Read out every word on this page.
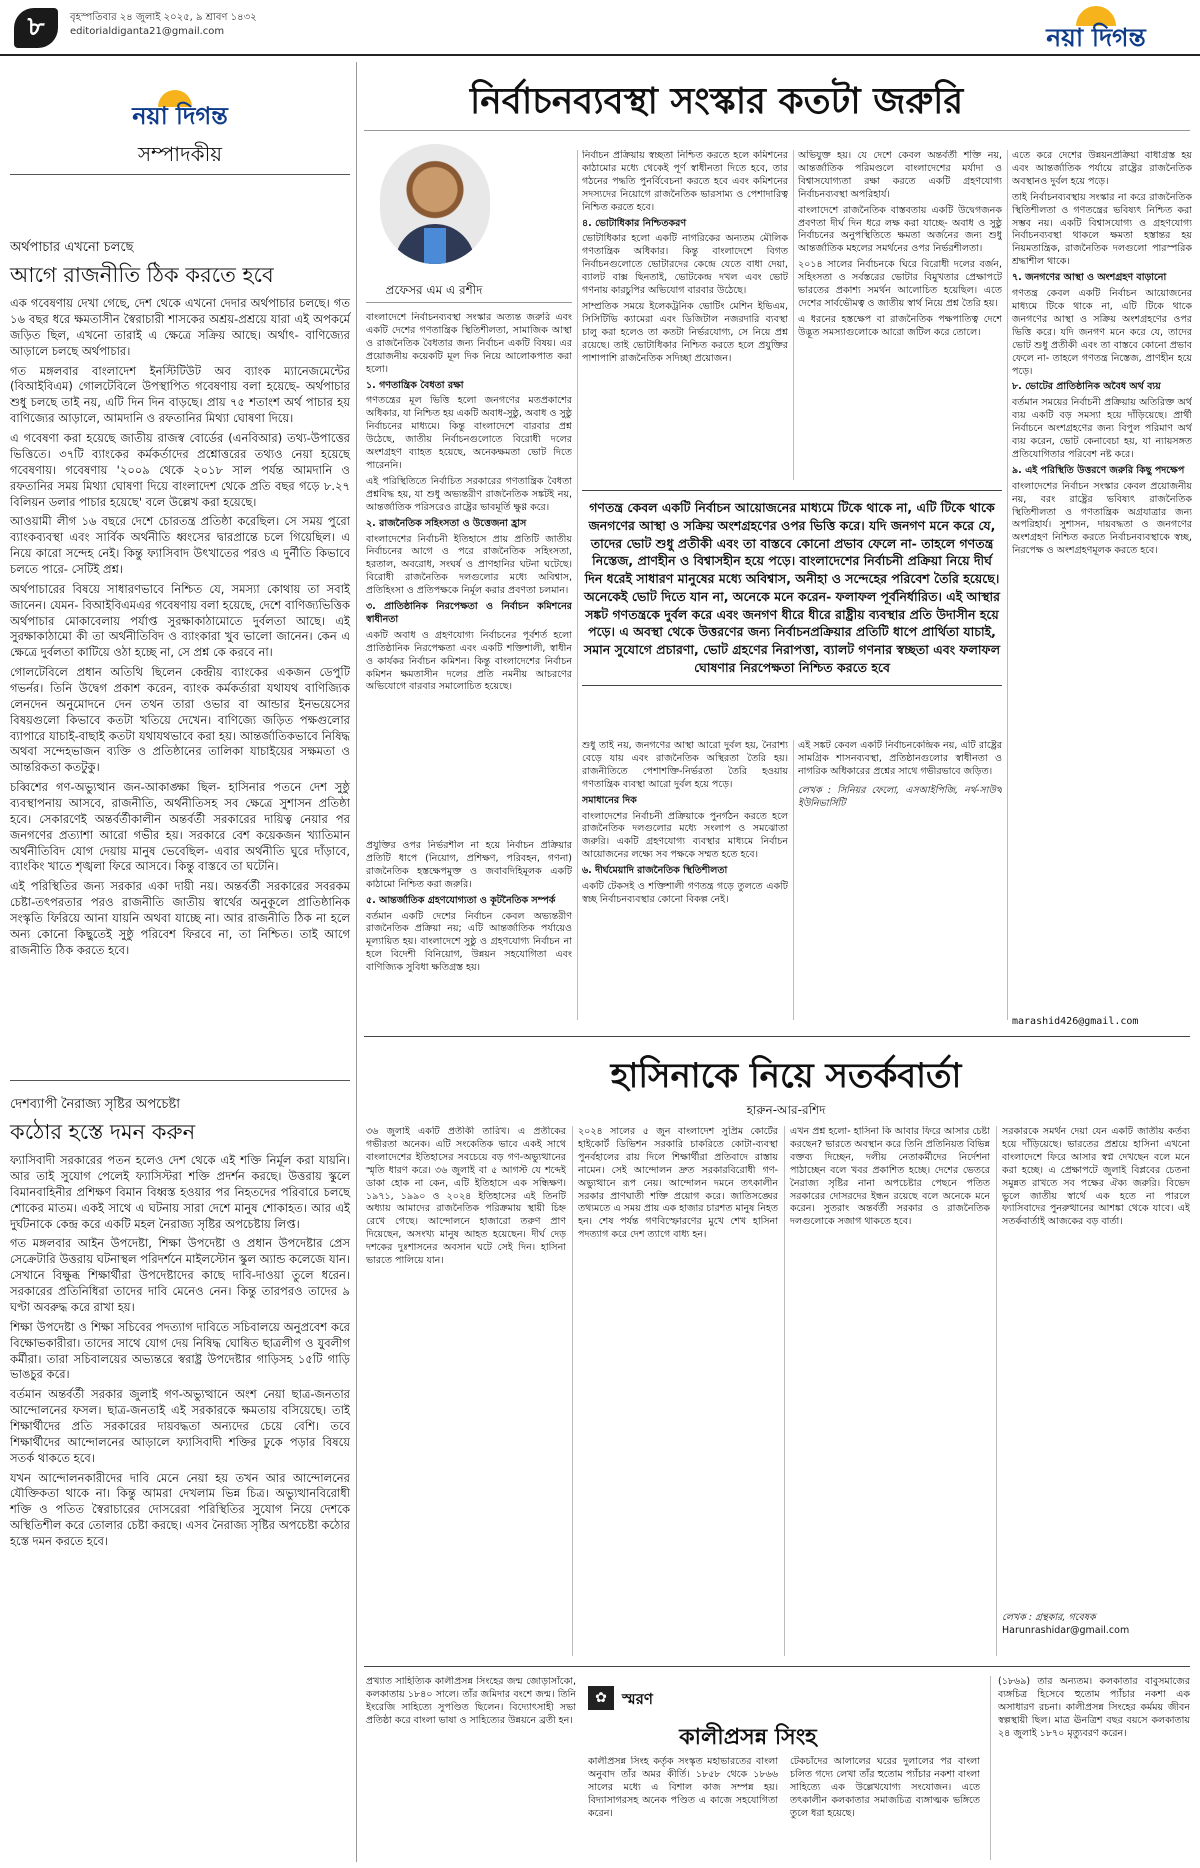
৮	বৃহস্পতিবার ২৪ জুলাই ২০২৫, ৯ শ্রাবণ ১৪৩২
editorialdiganta21@gmail.com	নয়া দিগন্ত
নয়া দিগন্ত
সম্পাদকীয়
অর্থপাচার এখনো চলছে
আগে রাজনীতি ঠিক করতে হবে

এক গবেষণায় দেখা গেছে, দেশ থেকে এখনো দেদার অর্থপাচার চলছে। গত ১৬ বছর ধরে ক্ষমতাসীন স্বৈরাচারী শাসকের অশ্রয়-প্রশ্রয়ে যারা এই অপকর্মে জড়িত ছিল, এখনো তারাই এ ক্ষেত্রে সক্রিয় আছে। অর্থাৎ- বাণিজ্যের আড়ালে চলছে অর্থপাচার।

গত মঙ্গলবার বাংলাদেশ ইনস্টিটিউট অব ব্যাংক ম্যানেজমেন্টের (বিআইবিএম) গোলটেবিলে উপস্থাপিত গবেষণায় বলা হয়েছে- অর্থপাচার শুধু চলছে তাই নয়, এটি দিন দিন বাড়ছে। প্রায় ৭৫ শতাংশ অর্থ পাচার হয় বাণিজ্যের আড়ালে, আমদানি ও রফতানির মিথ্যা ঘোষণা দিয়ে।

এ গবেষণা করা হয়েছে জাতীয় রাজস্ব বোর্ডের (এনবিআর) তথ্য-উপাত্তের ভিত্তিতে। ৩৭টি ব্যাংকের কর্মকর্তাদের প্রশ্নোত্তরের তথ্যও নেয়া হয়েছে গবেষণায়। গবেষণায় '২০০৯ থেকে ২০১৮ সাল পর্যন্ত আমদানি ও রফতানির সময় মিথ্যা ঘোষণা দিয়ে বাংলাদেশ থেকে প্রতি বছর গড়ে ৮.২৭ বিলিয়ন ডলার পাচার হয়েছে' বলে উল্লেখ করা হয়েছে।

আওয়ামী লীগ ১৬ বছরে দেশে চোরতন্ত্র প্রতিষ্ঠা করেছিল। সে সময় পুরো ব্যাংকব্যবস্থা এবং সার্বিক অর্থনীতি ধ্বংসের দ্বারপ্রান্তে চলে গিয়েছিল। এ নিয়ে কারো সন্দেহ নেই। কিন্তু ফ্যাসিবাদ উৎখাতের পরও এ দুর্নীতি কিভাবে চলতে পারে- সেটিই প্রশ্ন।

অর্থপাচারের বিষয়ে সাধারণভাবে নিশ্চিত যে, সমস্যা কোথায় তা সবাই জানেন। যেমন- বিআইবিএমএর গবেষণায় বলা হয়েছে, দেশে বাণিজ্যভিত্তিক অর্থপাচার মোকাবেলায় পর্যাপ্ত সুরক্ষাকাঠামোতে দুর্বলতা আছে। এই সুরক্ষাকাঠামো কী তা অর্থনীতিবিদ ও ব্যাংকারা খুব ভালো জানেন। কেন এ ক্ষেত্রে দুর্বলতা কাটিয়ে ওঠা হচ্ছে না, সে প্রশ্ন কে করবে না।

গোলটেবিলে প্রধান অতিথি ছিলেন কেন্দ্রীয় ব্যাংকের একজন ডেপুটি গভর্নর। তিনি উদ্বেগ প্রকাশ করেন, ব্যাংক কর্মকর্তারা যথাযথ বাণিজ্যিক লেনদেন অনুমোদনে দেন তথন তারা ওভার বা আন্ডার ইনভয়েসের বিষয়গুলো কিভাবে কতটা খতিয়ে দেখেন। বাণিজ্যে জড়িত পক্ষগুলোর ব্যাপারে যাচাই-বাছাই কতটা যথাযথভাবে করা হয়। আন্তর্জাতিকভাবে নিষিদ্ধ অথবা সন্দেহভাজন ব্যক্তি ও প্রতিষ্ঠানের তালিকা যাচাইয়ের সক্ষমতা ও আন্তরিকতা কতটুকু।

চব্বিশের গণ-অভ্যুত্থান জন-আকাঙ্ক্ষা ছিল- হাসিনার পতনে দেশ সুষ্ঠু ব্যবস্থাপনায় আসবে, রাজনীতি, অর্থনীতিসহ সব ক্ষেত্রে সুশাসন প্রতিষ্ঠা হবে। সেকারণেই অন্তর্বর্তীকালীন অন্তর্বর্তী সরকারের দায়িত্ব নেয়ার পর জনগণের প্রত্যাশা আরো গভীর হয়। সরকারে বেশ কয়েকজন খ্যাতিমান অর্থনীতিবিদ যোগ দেয়ায় মানুষ ভেবেছিল- এবার অর্থনীতি ঘুরে দাঁড়াবে, ব্যাংকিং খাতে শৃঙ্খলা ফিরে আসবে। কিন্তু বাস্তবে তা ঘটেনি।

এই পরিস্থিতির জন্য সরকার একা দায়ী নয়। অন্তর্বর্তী সরকারের সবরকম চেষ্টা-তৎপরতার পরও রাজনীতি জাতীয় স্বার্থের অনুকূলে প্রাতিষ্ঠানিক সংস্কৃতি ফিরিয়ে আনা যায়নি অথবা যাচ্ছে না। আর রাজনীতি ঠিক না হলে অন্য কোনো কিছুতেই সুষ্ঠু পরিবেশ ফিরবে না, তা নিশ্চিত। তাই আগে রাজনীতি ঠিক করতে হবে।

দেশব্যাপী নৈরাজ্য সৃষ্টির অপচেষ্টা
কঠোর হস্তে দমন করুন

ফ্যাসিবাদী সরকারের পতন হলেও দেশ থেকে এই শক্তি নির্মূল করা যায়নি। আর তাই সুযোগ পেলেই ফ্যাসিস্টরা শক্তি প্রদর্শন করছে। উত্তরায় স্কুলে বিমানবাহিনীর প্রশিক্ষণ বিমান বিধ্বস্ত হওয়ার পর নিহতদের পরিবারে চলছে শোকের মাতম। একই সাথে এ ঘটনায় সারা দেশে মানুষ শোকাহত। আর এই দুর্ঘটনাকে কেন্দ্র করে একটি মহল নৈরাজ্য সৃষ্টির অপচেষ্টায় লিপ্ত।

গত মঙ্গলবার আইন উপদেষ্টা, শিক্ষা উপদেষ্টা ও প্রধান উপদেষ্টার প্রেস সেক্রেটারি উত্তরায় ঘটনাস্থল পরিদর্শনে মাইলস্টোন স্কুল অ্যান্ড কলেজে যান। সেখানে বিক্ষুব্ধ শিক্ষার্থীরা উপদেষ্টাদের কাছে দাবি-দাওয়া তুলে ধরেন। সরকারের প্রতিনিধিরা তাদের দাবি মেনেও নেন। কিন্তু তারপরও তাদের ৯ ঘণ্টা অবরুদ্ধ করে রাখা হয়।

শিক্ষা উপদেষ্টা ও শিক্ষা সচিবের পদত্যাগ দাবিতে সচিবালয়ে অনুপ্রবেশ করে বিক্ষোভকারীরা। তাদের সাথে যোগ দেয় নিষিদ্ধ ঘোষিত ছাত্রলীগ ও যুবলীগ কর্মীরা। তারা সচিবালয়ের অভ্যন্তরে স্বরাষ্ট্র উপদেষ্টার গাড়িসহ ১৫টি গাড়ি ভাঙচুর করে।

বর্তমান অন্তর্বর্তী সরকার জুলাই গণ-অভ্যুত্থানে অংশ নেয়া ছাত্র-জনতার আন্দোলনের ফসল। ছাত্র-জনতাই এই সরকারকে ক্ষমতায় বসিয়েছে। তাই শিক্ষার্থীদের প্রতি সরকারের দায়বদ্ধতা অন্যদের চেয়ে বেশি। তবে শিক্ষার্থীদের আন্দোলনের আড়ালে ফ্যাসিবাদী শক্তির ঢুকে পড়ার বিষয়ে সতর্ক থাকতে হবে।

যখন আন্দোলনকারীদের দাবি মেনে নেয়া হয় তখন আর আন্দোলনের যৌক্তিকতা থাকে না। কিন্তু আমরা দেখলাম ভিন্ন চিত্র। অভ্যুত্থানবিরোধী শক্তি ও পতিত স্বৈরাচারের দোসরেরা পরিস্থিতির সুযোগ নিয়ে দেশকে অস্থিতিশীল করে তোলার চেষ্টা করছে। এসব নৈরাজ্য সৃষ্টির অপচেষ্টা কঠোর হস্তে দমন করতে হবে।

নির্বাচনব্যবস্থা সংস্কার কতটা জরুরি
প্রফেসর এম এ রশীদ

বাংলাদেশে নির্বাচনব্যবস্থা সংস্কার অত্যন্ত জরুরি এবং একটি দেশের গণতান্ত্রিক স্থিতিশীলতা, সামাজিক আস্থা ও রাজনৈতিক বৈধতার জন্য নির্বাচন একটি বিষয়। এর প্রয়োজনীয় কয়েকটি মূল দিক নিয়ে আলোকপাত করা হলো।

১. গণতান্ত্রিক বৈধতা রক্ষা

গণতন্ত্রের মূল ভিত্তি হলো জনগণের মতপ্রকাশের অধিকার, যা নিশ্চিত হয় একটি অবাধ-সুষ্ঠু, অবাধ ও সুষ্ঠু নির্বাচনের মাধ্যমে। কিন্তু বাংলাদেশে বারবার প্রশ্ন উঠেছে, জাতীয় নির্বাচনগুলোতে বিরোধী দলের অংশগ্রহণ ব্যাহত হয়েছে, অনেকক্ষমতা ভোট দিতে পারেননি।

এই পরিস্থিতিতে নির্বাচিত সরকারের গণতান্ত্রিক বৈধতা প্রশ্নবিদ্ধ হয়, যা শুধু অভ্যন্তরীণ রাজনৈতিক সঙ্কটই নয়, আন্তর্জাতিক পরিসরেও রাষ্ট্রের ভাবমূর্তি ক্ষুণ্ণ করে।

২. রাজনৈতিক সহিংসতা ও উত্তেজনা হ্রাস

বাংলাদেশের নির্বাচনী ইতিহাসে প্রায় প্রতিটি জাতীয় নির্বাচনের আগে ও পরে রাজনৈতিক সহিংসতা, হরতাল, অবরোধ, সংঘর্ষ ও প্রাণহানির ঘটনা ঘটেছে। বিরোধী রাজনৈতিক দলগুলোর মধ্যে অবিশ্বাস, প্রতিহিংসা ও প্রতিপক্ষকে নির্মূল করার প্রবণতা চলমান।

৩. প্রাতিষ্ঠানিক নিরপেক্ষতা ও নির্বাচন কমিশনের স্বাধীনতা

একটি অবাধ ও গ্রহণযোগ্য নির্বাচনের পূর্বশর্ত হলো প্রাতিষ্ঠানিক নিরপেক্ষতা এবং একটি শক্তিশালী, স্বাধীন ও কার্যকর নির্বাচন কমিশন। কিন্তু বাংলাদেশের নির্বাচন কমিশন ক্ষমতাসীন দলের প্রতি নমনীয় আচরণের অভিযোগে বারবার সমালোচিত হয়েছে।

নির্বাচন প্রক্রিয়ায় স্বচ্ছতা নিশ্চিত করতে হলে কমিশনের কাঠামোর মধ্যে থেকেই পূর্ণ স্বাধীনতা দিতে হবে, তার গঠনের পদ্ধতি পুনর্বিবেচনা করতে হবে এবং কমিশনের সদস্যদের নিয়োগে রাজনৈতিক ভারসাম্য ও পেশাদারিত্ব নিশ্চিত করতে হবে।

৪. ভোটাধিকার নিশ্চিতকরণ

ভোটাধিকার হলো একটি নাগরিকের অন্যতম মৌলিক গণতান্ত্রিক অধিকার। কিন্তু বাংলাদেশে বিগত নির্বাচনগুলোতে ভোটারদের কেন্দ্রে যেতে বাধা দেয়া, ব্যালট বাক্স ছিনতাই, ভোটকেন্দ্র দখল এবং ভোট গণনায় কারচুপির অভিযোগ বারবার উঠেছে।

সাম্প্রতিক সময়ে ইলেকট্রনিক ভোটিং মেশিন ইভিএম, সিসিটিভি ক্যামেরা এবং ডিজিটাল নজরদারি ব্যবস্থা চালু করা হলেও তা কতটা নির্ভরযোগ্য, সে নিয়ে প্রশ্ন রয়েছে। তাই ভোটাধিকার নিশ্চিত করতে হলে প্রযুক্তির পাশাপাশি রাজনৈতিক সদিচ্ছা প্রয়োজন।

অভিযুক্ত হয়। যে দেশে কেবল অন্তর্বর্তী শক্তি নয়, আন্তর্জাতিক পরিমণ্ডলে বাংলাদেশের মর্যাদা ও বিশ্বাসযোগ্যতা রক্ষা করতে একটি গ্রহণযোগ্য নির্বাচনব্যবস্থা অপরিহার্য।

বাংলাদেশে রাজনৈতিক বাস্তবতায় একটি উদ্বেগজনক প্রবণতা দীর্ঘ দিন ধরে লক্ষ করা যাচ্ছে- অবাধ ও সুষ্ঠু নির্বাচনের অনুপস্থিতিতে ক্ষমতা অর্জনের জন্য শুধু আন্তর্জাতিক মহলের সমর্থনের ওপর নির্ভরশীলতা।

২০১৪ সালের নির্বাচনকে ঘিরে বিরোধী দলের বর্জন, সহিংসতা ও সর্বস্তরের ভোটার বিমুখতার প্রেক্ষাপটে ভারতের প্রকাশ্য সমর্থন আলোচিত হয়েছিল। এতে দেশের সার্বভৌমত্ব ও জাতীয় স্বার্থ নিয়ে প্রশ্ন তৈরি হয়।

এ ধরনের হস্তক্ষেপ বা রাজনৈতিক পক্ষপাতিত্ব দেশে উদ্ভূত সমস্যাগুলোকে আরো জটিল করে তোলে।

এতে করে দেশের উন্নয়নপ্রক্রিয়া বাধাগ্রস্ত হয় এবং আন্তর্জাতিক পর্যায়ে রাষ্ট্রের রাজনৈতিক অবস্থানও দুর্বল হয়ে পড়ে।

তাই নির্বাচনব্যবস্থায় সংস্কার না করে রাজনৈতিক স্থিতিশীলতা ও গণতন্ত্রের ভবিষ্যৎ নিশ্চিত করা সম্ভব নয়। একটি বিশ্বাসযোগ্য ও গ্রহণযোগ্য নির্বাচনব্যবস্থা থাকলে ক্ষমতা হস্তান্তর হয় নিয়মতান্ত্রিক, রাজনৈতিক দলগুলো পারস্পরিক শ্রদ্ধাশীল থাকে।

৭. জনগণের আস্থা ও অংশগ্রহণ বাড়ানো

গণতন্ত্র কেবল একটি নির্বাচন আয়োজনের মাধ্যমে টিকে থাকে না, এটি টিকে থাকে জনগণের আস্থা ও সক্রিয় অংশগ্রহণের ওপর ভিত্তি করে। যদি জনগণ মনে করে যে, তাদের ভোট শুধু প্রতীকী এবং তা বাস্তবে কোনো প্রভাব ফেলে না- তাহলে গণতন্ত্র নিস্তেজ, প্রাণহীন হয়ে পড়ে।

৮. ভোটের প্রাতিষ্ঠানিক অবৈধ অর্থ ব্যয়

বর্তমান সময়ের নির্বাচনী প্রক্রিয়ায় অতিরিক্ত অর্থ ব্যয় একটি বড় সমস্যা হয়ে দাঁড়িয়েছে। প্রার্থী নির্বাচনে অংশগ্রহণের জন্য বিপুল পরিমাণ অর্থ ব্যয় করেন, ভোট কেনাবেচা হয়, যা ন্যায়সঙ্গত প্রতিযোগিতার পরিবেশ নষ্ট করে।

৯. এই পরিস্থিতি উত্তরণে জরুরি কিছু পদক্ষেপ

বাংলাদেশের নির্বাচন সংস্কার কেবল প্রয়োজনীয় নয়, বরং রাষ্ট্রের ভবিষ্যৎ রাজনৈতিক স্থিতিশীলতা ও গণতান্ত্রিক অগ্রযাত্রার জন্য অপরিহার্য। সুশাসন, দায়বদ্ধতা ও জনগণের অংশগ্রহণ নিশ্চিত করতে নির্বাচনব্যবস্থাকে স্বচ্ছ, নিরপেক্ষ ও অংশগ্রহণমূলক করতে হবে।

গণতন্ত্র কেবল একটি নির্বাচন আয়োজনের মাধ্যমে টিকে থাকে না, এটি টিকে থাকে জনগণের আস্থা ও সক্রিয় অংশগ্রহণের ওপর ভিত্তি করে। যদি জনগণ মনে করে যে, তাদের ভোট শুধু প্রতীকী এবং তা বাস্তবে কোনো প্রভাব ফেলে না- তাহলে গণতন্ত্র নিস্তেজ, প্রাণহীন ও বিশ্বাসহীন হয়ে পড়ে। বাংলাদেশের নির্বাচনী প্রক্রিয়া নিয়ে দীর্ঘ দিন ধরেই সাধারণ মানুষের মধ্যে অবিশ্বাস, অনীহা ও সন্দেহের পরিবেশ তৈরি হয়েছে। অনেকেই ভোট দিতে যান না, অনেকে মনে করেন- ফলাফল পূর্বনির্ধারিত। এই আস্থার সঙ্কট গণতন্ত্রকে দুর্বল করে এবং জনগণ ধীরে ধীরে রাষ্ট্রীয় ব্যবস্থার প্রতি উদাসীন হয়ে পড়ে। এ অবস্থা থেকে উত্তরণের জন্য নির্বাচনপ্রক্রিয়ার প্রতিটি ধাপে প্রার্থিতা যাচাই, সমান সুযোগে প্রচারণা, ভোট গ্রহণের নিরাপত্তা, ব্যালট গণনার স্বচ্ছতা এবং ফলাফল ঘোষণার নিরপেক্ষতা নিশ্চিত করতে হবে

প্রযুক্তির ওপর নির্ভরশীল না হয়ে নির্বাচন প্রক্রিয়ার প্রতিটি ধাপে (নিয়োগ, প্রশিক্ষণ, পরিবহন, গণনা) রাজনৈতিক হস্তক্ষেপমুক্ত ও জবাবদিহিমূলক একটি কাঠামো নিশ্চিত করা জরুরি।

৫. আন্তর্জাতিক গ্রহণযোগ্যতা ও কূটনৈতিক সম্পর্ক

বর্তমান একটি দেশের নির্বাচন কেবল অভ্যন্তরীণ রাজনৈতিক প্রক্রিয়া নয়; এটি আন্তর্জাতিক পর্যায়েও মূল্যায়িত হয়। বাংলাদেশে সুষ্ঠু ও গ্রহণযোগ্য নির্বাচন না হলে বিদেশী বিনিয়োগ, উন্নয়ন সহযোগিতা এবং বাণিজ্যিক সুবিধা ক্ষতিগ্রস্ত হয়।

শুধু তাই নয়, জনগণের আস্থা আরো দুর্বল হয়, নৈরাশ্য বেড়ে যায় এবং রাজনৈতিক অস্থিরতা তৈরি হয়। রাজনীতিতে পেশাশক্তি-নির্ভরতা তৈরি হওয়ায় গণতান্ত্রিক ব্যবস্থা আরো দুর্বল হয়ে পড়ে।

সমাধানের দিক

বাংলাদেশের নির্বাচনী প্রক্রিয়াকে পুনর্গঠন করতে হলে রাজনৈতিক দলগুলোর মধ্যে সংলাপ ও সমঝোতা জরুরি। একটি গ্রহণযোগ্য ব্যবস্থার মাধ্যমে নির্বাচন আয়োজনের লক্ষ্যে সব পক্ষকে সম্মত হতে হবে।

৬. দীর্ঘমেয়াদি রাজনৈতিক স্থিতিশীলতা

একটি টেকসই ও শক্তিশালী গণতন্ত্র গড়ে তুলতে একটি স্বচ্ছ নির্বাচনব্যবস্থার কোনো বিকল্প নেই।

এই সঙ্কট কেবল একটি নির্বাচনকেন্দ্রিক নয়, এটি রাষ্ট্রের সামগ্রিক শাসনব্যবস্থা, প্রতিষ্ঠানগুলোর স্বাধীনতা ও নাগরিক অধিকারের প্রশ্নের সাথে গভীরভাবে জড়িত।

লেখক : সিনিয়র ফেলো, এসআইপিজি, নর্থ-সাউথ ইউনিভার্সিটি

marashid426@gmail.com
হাসিনাকে নিয়ে সতর্কবার্তা
হারুন-আর-রশিদ

৩৬ জুলাই একটি প্রতীকী তারিখ। এ প্রতীকের গভীরতা অনেক। এটি সংকেতিক ভাবে একই সাথে বাংলাদেশের ইতিহাসের সবচেয়ে বড় গণ-অভ্যুত্থানের স্মৃতি ধারণ করে। ৩৬ জুলাই বা ৫ আগস্ট যে শব্দেই ডাকা হোক না কেন, এটি ইতিহাসে এক সন্ধিক্ষণ। ১৯৭১, ১৯৯০ ও ২০২৪ ইতিহাসের এই তিনটি অধ্যায় আমাদের রাজনৈতিক পরিক্রমায় স্থায়ী চিহ্ন রেখে গেছে। আন্দোলনে হাজারো তরুণ প্রাণ দিয়েছেন, অসংখ্য মানুষ আহত হয়েছেন। দীর্ঘ দেড় দশকের দুঃশাসনের অবসান ঘটে সেই দিন। হাসিনা ভারতে পালিয়ে যান।

২০২৪ সালের ৫ জুন বাংলাদেশ সুপ্রিম কোর্টের হাইকোর্ট ডিভিশন সরকারি চাকরিতে কোটা-ব্যবস্থা পুনর্বহালের রায় দিলে শিক্ষার্থীরা প্রতিবাদে রাস্তায় নামেন। সেই আন্দোলন দ্রুত সরকারবিরোধী গণ-অভ্যুত্থানে রূপ নেয়। আন্দোলন দমনে তৎকালীন সরকার প্রাণঘাতী শক্তি প্রয়োগ করে। জাতিসঙ্ঘের তথ্যমতে এ সময় প্রায় এক হাজার চারশত মানুষ নিহত হন। শেষ পর্যন্ত গণবিস্ফোরণের মুখে শেখ হাসিনা পদত্যাগ করে দেশ ত্যাগে বাধ্য হন।

এখন প্রশ্ন হলো- হাসিনা কি আবার ফিরে আসার চেষ্টা করছেন? ভারতে অবস্থান করে তিনি প্রতিনিয়ত বিভিন্ন বক্তব্য দিচ্ছেন, দলীয় নেতাকর্মীদের নির্দেশনা পাঠাচ্ছেন বলে খবর প্রকাশিত হচ্ছে। দেশের ভেতরে নৈরাজ্য সৃষ্টির নানা অপচেষ্টার পেছনে পতিত সরকারের দোসরদের ইন্ধন রয়েছে বলে অনেকে মনে করেন। সুতরাং অন্তর্বর্তী সরকার ও রাজনৈতিক দলগুলোকে সজাগ থাকতে হবে।

সরকারকে সমর্থন দেয়া যেন একটি জাতীয় কর্তব্য হয়ে দাঁড়িয়েছে। ভারতের প্রশ্রয়ে হাসিনা এখনো বাংলাদেশে ফিরে আসার স্বপ্ন দেখছেন বলে মনে করা হচ্ছে। এ প্রেক্ষাপটে জুলাই বিপ্লবের চেতনা সমুন্নত রাখতে সব পক্ষের ঐক্য জরুরি। বিভেদ ভুলে জাতীয় স্বার্থে এক হতে না পারলে ফ্যাসিবাদের পুনরুত্থানের আশঙ্কা থেকে যাবে। এই সতর্কবার্তাই আজকের বড় বার্তা।

লেখক : গ্রন্থকার, গবেষক
Harunrashidar@gmail.com

প্রখ্যাত সাহিত্যিক কালীপ্রসন্ন সিংহের জন্ম জোড়াসাঁকো, কলকাতায় ১৮৪০ সালে। তাঁর জমিদার বংশে জন্ম। তিনি ইংরেজি সাহিত্যে সুপণ্ডিত ছিলেন। বিদ্যোৎসাহী সভা প্রতিষ্ঠা করে বাংলা ভাষা ও সাহিত্যের উন্নয়নে ব্রতী হন।

✿	স্মরণ
কালীপ্রসন্ন সিংহ

কালীপ্রসন্ন সিংহ কর্তৃক সংস্কৃত মহাভারতের বাংলা অনুবাদ তাঁর অমর কীর্তি। ১৮৫৮ থেকে ১৮৬৬ সালের মধ্যে এ বিশাল কাজ সম্পন্ন হয়। বিদ্যাসাগরসহ অনেক পণ্ডিত এ কাজে সহযোগিতা করেন।

টেকচাঁদের আলালের ঘরের দুলালের পর বাংলা চলিত গদ্যে লেখা তাঁর হুতোম প্যাঁচার নকশা বাংলা সাহিত্যে এক উল্লেখযোগ্য সংযোজন। এতে তৎকালীন কলকাতার সমাজচিত্র ব্যঙ্গাত্মক ভঙ্গিতে তুলে ধরা হয়েছে।

(১৮৬৯) তার অন্যতম। কলকাতার বাবুসমাজের ব্যঙ্গচিত্র হিসেবে হুতোম প্যাঁচার নকশা এক অসাধারণ রচনা। কালীপ্রসন্ন সিংহের কর্মময় জীবন স্বল্পস্থায়ী ছিল। মাত্র ঊনত্রিশ বছর বয়সে কলকাতায় ২৪ জুলাই ১৮৭০ মৃত্যুবরণ করেন।
